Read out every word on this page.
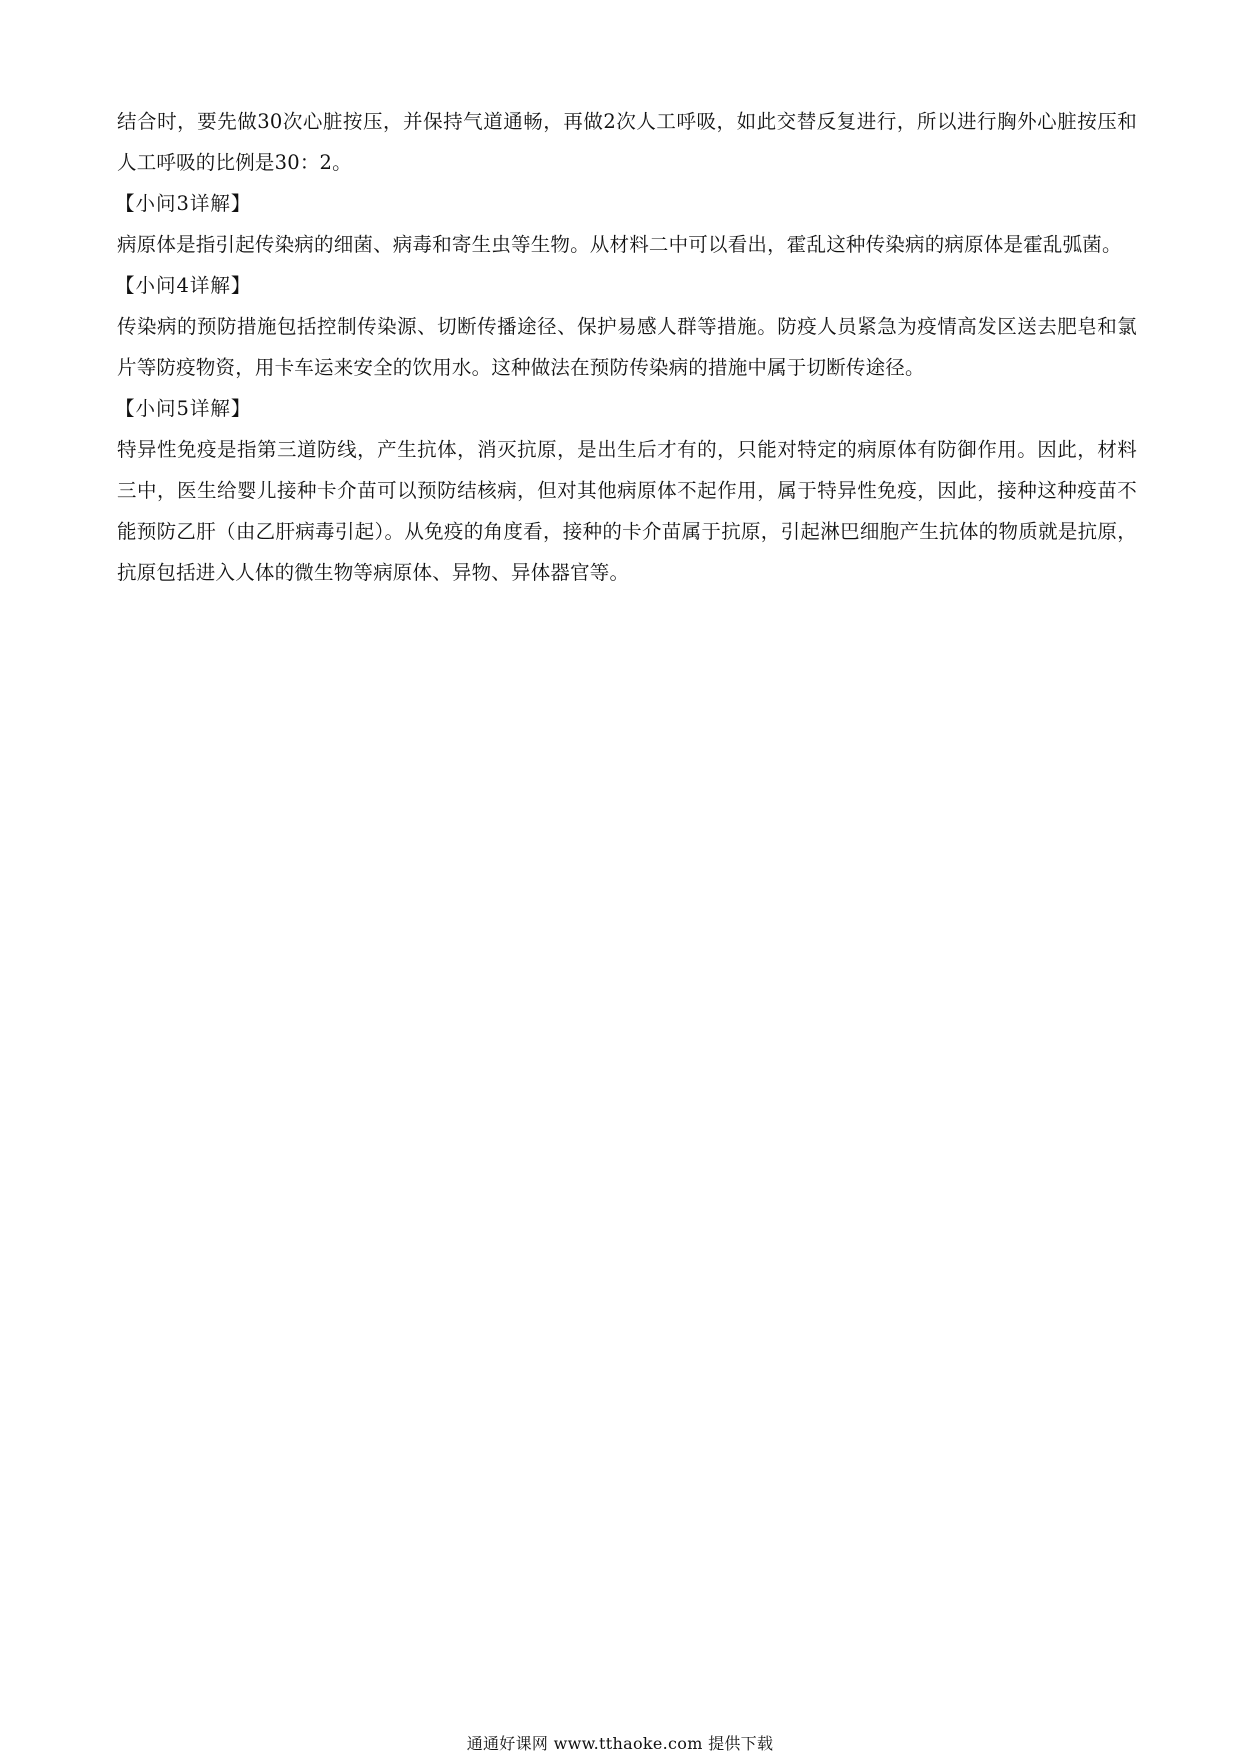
结合时，要先做30次心脏按压，并保持气道通畅，再做2次人工呼吸，如此交替反复进行，所以进行胸外心脏按压和人工呼吸的比例是30：2。

【小问3详解】

病原体是指引起传染病的细菌、病毒和寄生虫等生物。从材料二中可以看出，霍乱这种传染病的病原体是霍乱弧菌。

【小问4详解】

传染病的预防措施包括控制传染源、切断传播途径、保护易感人群等措施。防疫人员紧急为疫情高发区送去肥皂和氯片等防疫物资，用卡车运来安全的饮用水。这种做法在预防传染病的措施中属于切断传途径。

【小问5详解】

特异性免疫是指第三道防线，产生抗体，消灭抗原，是出生后才有的，只能对特定的病原体有防御作用。因此，材料三中，医生给婴儿接种卡介苗可以预防结核病，但对其他病原体不起作用，属于特异性免疫，因此，接种这种疫苗不能预防乙肝（由乙肝病毒引起）。从免疫的角度看，接种的卡介苗属于抗原，引起淋巴细胞产生抗体的物质就是抗原，抗原包括进入人体的微生物等病原体、异物、异体器官等。

通通好课网 www.tthaoke.com 提供下载
